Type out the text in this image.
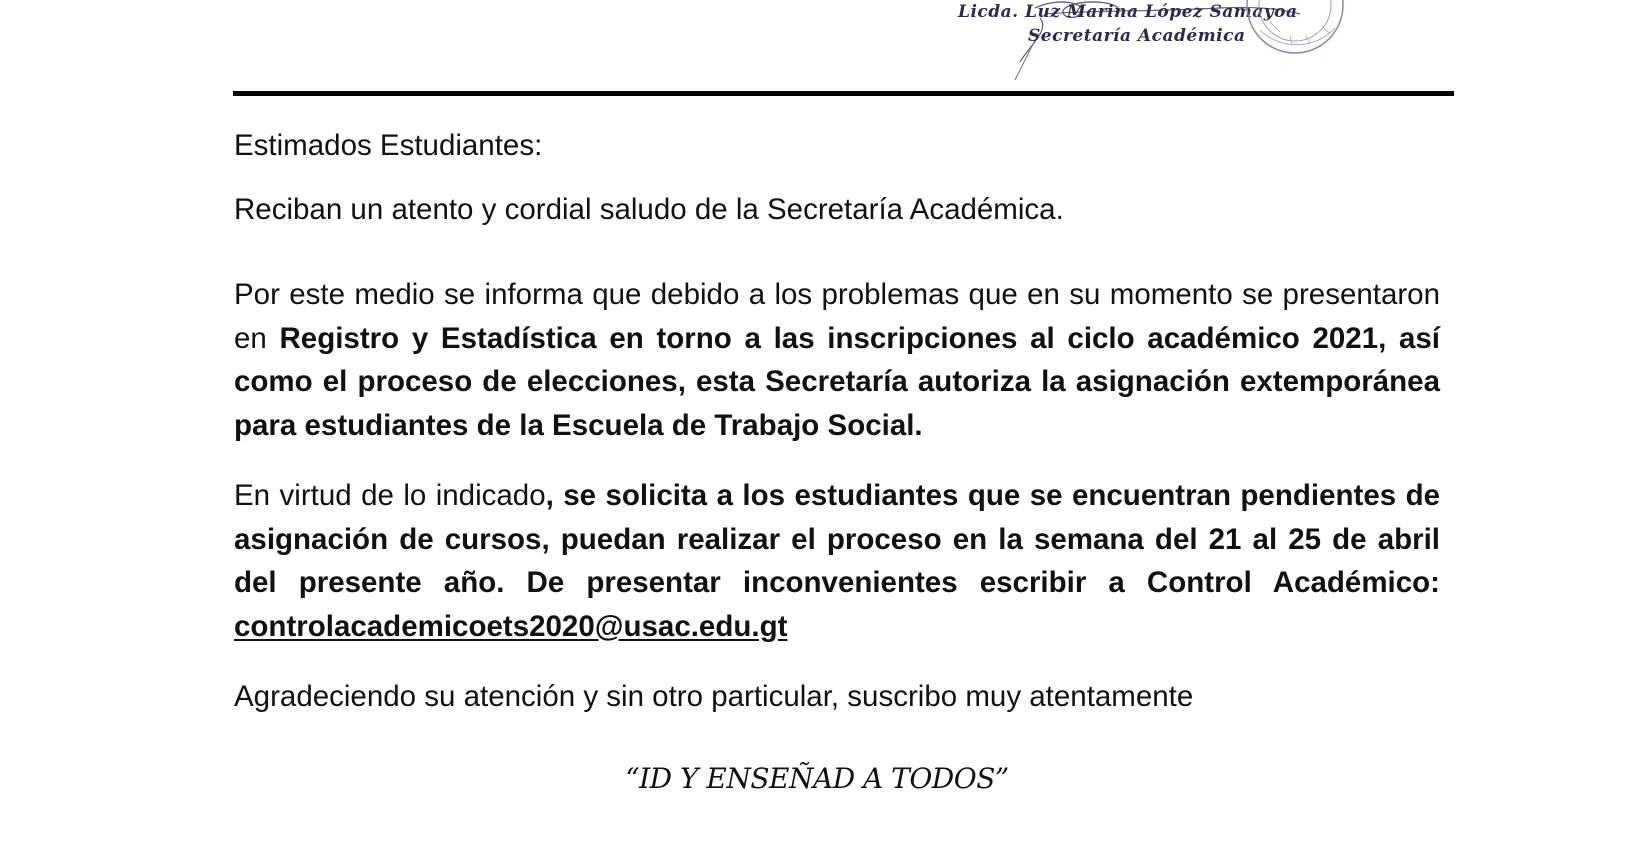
Licda. Luz Marina López Samayoa
Secretaría Académica

Estimados Estudiantes:

Reciban un atento y cordial saludo de la Secretaría Académica.

Por este medio se informa que debido a los problemas que en su momento se presentaron en Registro y Estadística en torno a las inscripciones al ciclo académico 2021, así como el proceso de elecciones, esta Secretaría autoriza la asignación extemporánea para estudiantes de la Escuela de Trabajo Social.

En virtud de lo indicado, se solicita a los estudiantes que se encuentran pendientes de asignación de cursos, puedan realizar el proceso en la semana del 21 al 25 de abril del presente año. De presentar inconvenientes escribir a Control Académico: controlacademicoets2020@usac.edu.gt

Agradeciendo su atención y sin otro particular, suscribo muy atentamente

“ID Y ENSEÑAD A TODOS”
